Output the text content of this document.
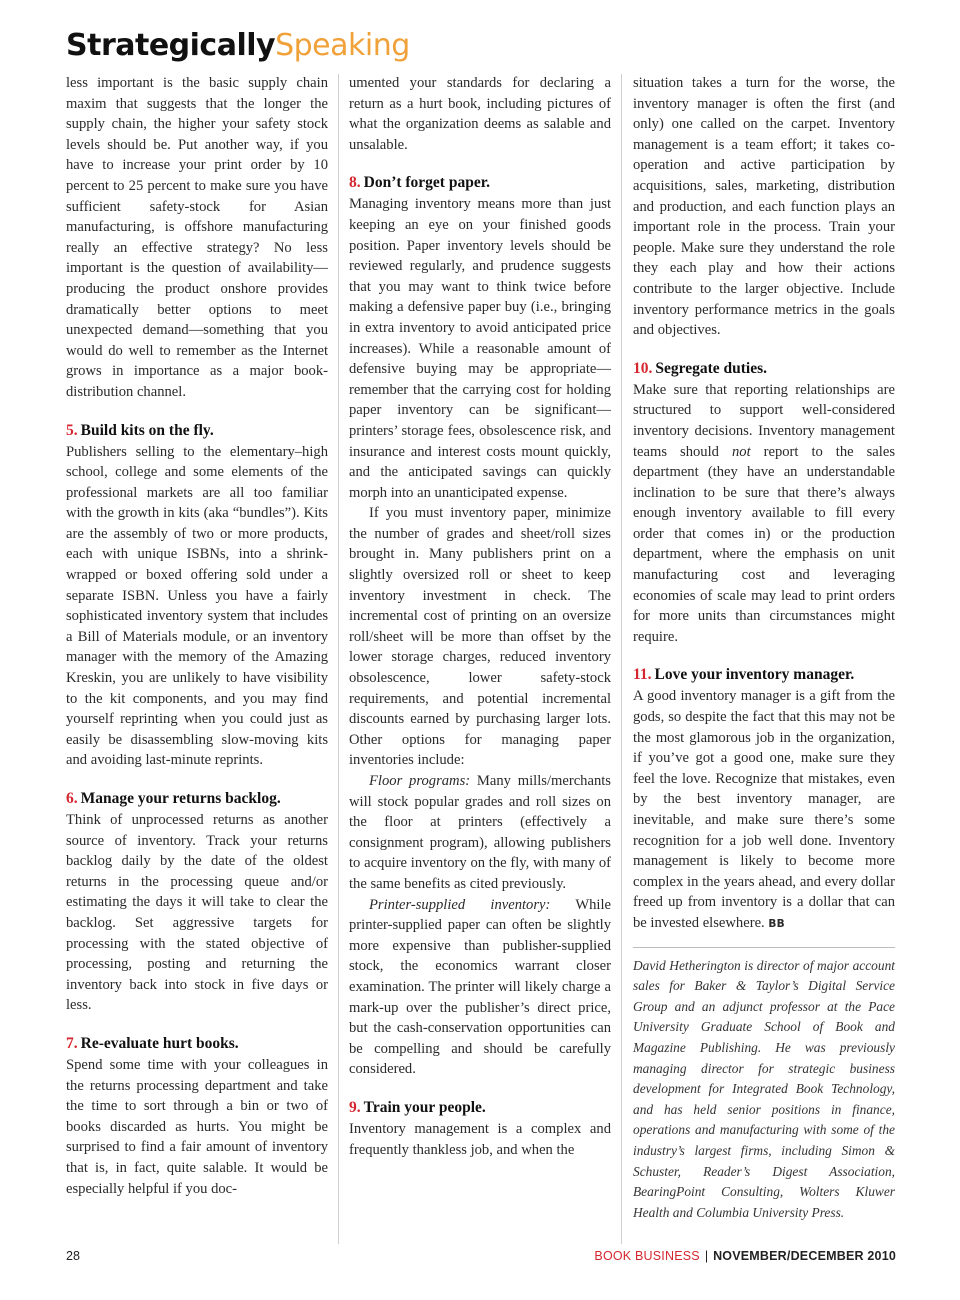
StrategicallySpeaking

less important is the basic supply chain maxim that suggests that the longer the supply chain, the higher your safety stock levels should be. Put another way, if you have to increase your print order by 10 percent to 25 percent to make sure you have sufficient safety-stock for Asian manufacturing, is offshore manufacturing really an effective strategy? No less important is the question of availability—producing the product onshore provides dramatically better options to meet unexpected demand—something that you would do well to remember as the Internet grows in importance as a major book-distribution channel.

5. Build kits on the fly.

Publishers selling to the elementary–high school, college and some elements of the professional markets are all too familiar with the growth in kits (aka “bundles”). Kits are the assembly of two or more products, each with unique ISBNs, into a shrink-wrapped or boxed offering sold under a separate ISBN. Unless you have a fairly sophisticated inventory system that includes a Bill of Materials module, or an inventory manager with the memory of the Amazing Kreskin, you are unlikely to have visibility to the kit components, and you may find yourself reprinting when you could just as easily be disassembling slow-moving kits and avoiding last-minute reprints.

6. Manage your returns backlog.

Think of unprocessed returns as another source of inventory. Track your returns backlog daily by the date of the oldest returns in the processing queue and/or estimating the days it will take to clear the backlog. Set aggressive targets for processing with the stated objective of processing, posting and returning the inventory back into stock in five days or less.

7. Re-evaluate hurt books.

Spend some time with your colleagues in the returns processing department and take the time to sort through a bin or two of books discarded as hurts. You might be surprised to find a fair amount of inventory that is, in fact, quite salable. It would be especially helpful if you doc-

umented your standards for declaring a return as a hurt book, including pictures of what the organization deems as salable and unsalable.

8. Don’t forget paper.

Managing inventory means more than just keeping an eye on your finished goods position. Paper inventory levels should be reviewed regularly, and prudence suggests that you may want to think twice before making a defensive paper buy (i.e., bringing in extra inventory to avoid anticipated price increases). While a reasonable amount of defensive buying may be appropriate—remember that the carrying cost for holding paper inventory can be significant—printers’ storage fees, obsolescence risk, and insurance and interest costs mount quickly, and the anticipated savings can quickly morph into an unanticipated expense.

If you must inventory paper, minimize the number of grades and sheet/roll sizes brought in. Many publishers print on a slightly oversized roll or sheet to keep inventory investment in check. The incremental cost of printing on an oversize roll/sheet will be more than offset by the lower storage charges, reduced inventory obsolescence, lower safety-stock requirements, and potential incremental discounts earned by purchasing larger lots. Other options for managing paper inventories include:

Floor programs: Many mills/merchants will stock popular grades and roll sizes on the floor at printers (effectively a consignment program), allowing publishers to acquire inventory on the fly, with many of the same benefits as cited previously.

Printer-supplied inventory: While printer-supplied paper can often be slightly more expensive than publisher-supplied stock, the economics warrant closer examination. The printer will likely charge a mark-up over the publisher’s direct price, but the cash-conservation opportunities can be compelling and should be carefully considered.

9. Train your people.

Inventory management is a complex and frequently thankless job, and when the

situation takes a turn for the worse, the inventory manager is often the first (and only) one called on the carpet. Inventory management is a team effort; it takes co-operation and active participation by acquisitions, sales, marketing, distribution and production, and each function plays an important role in the process. Train your people. Make sure they understand the role they each play and how their actions contribute to the larger objective. Include inventory performance metrics in the goals and objectives.

10. Segregate duties.

Make sure that reporting relationships are structured to support well-considered inventory decisions. Inventory management teams should not report to the sales department (they have an understandable inclination to be sure that there’s always enough inventory available to fill every order that comes in) or the production department, where the emphasis on unit manufacturing cost and leveraging economies of scale may lead to print orders for more units than circumstances might require.

11. Love your inventory manager.

A good inventory manager is a gift from the gods, so despite the fact that this may not be the most glamorous job in the organization, if you’ve got a good one, make sure they feel the love. Recognize that mistakes, even by the best inventory manager, are inevitable, and make sure there’s some recognition for a job well done. Inventory management is likely to become more complex in the years ahead, and every dollar freed up from inventory is a dollar that can be invested elsewhere. BB

David Hetherington is director of major account sales for Baker & Taylor’s Digital Service Group and an adjunct professor at the Pace University Graduate School of Book and Magazine Publishing. He was previously managing director for strategic business development for Integrated Book Technology, and has held senior positions in finance, operations and manufacturing with some of the industry’s largest firms, including Simon & Schuster, Reader’s Digest Association, BearingPoint Consulting, Wolters Kluwer Health and Columbia University Press.

28	BOOK BUSINESS | NOVEMBER/DECEMBER 2010
